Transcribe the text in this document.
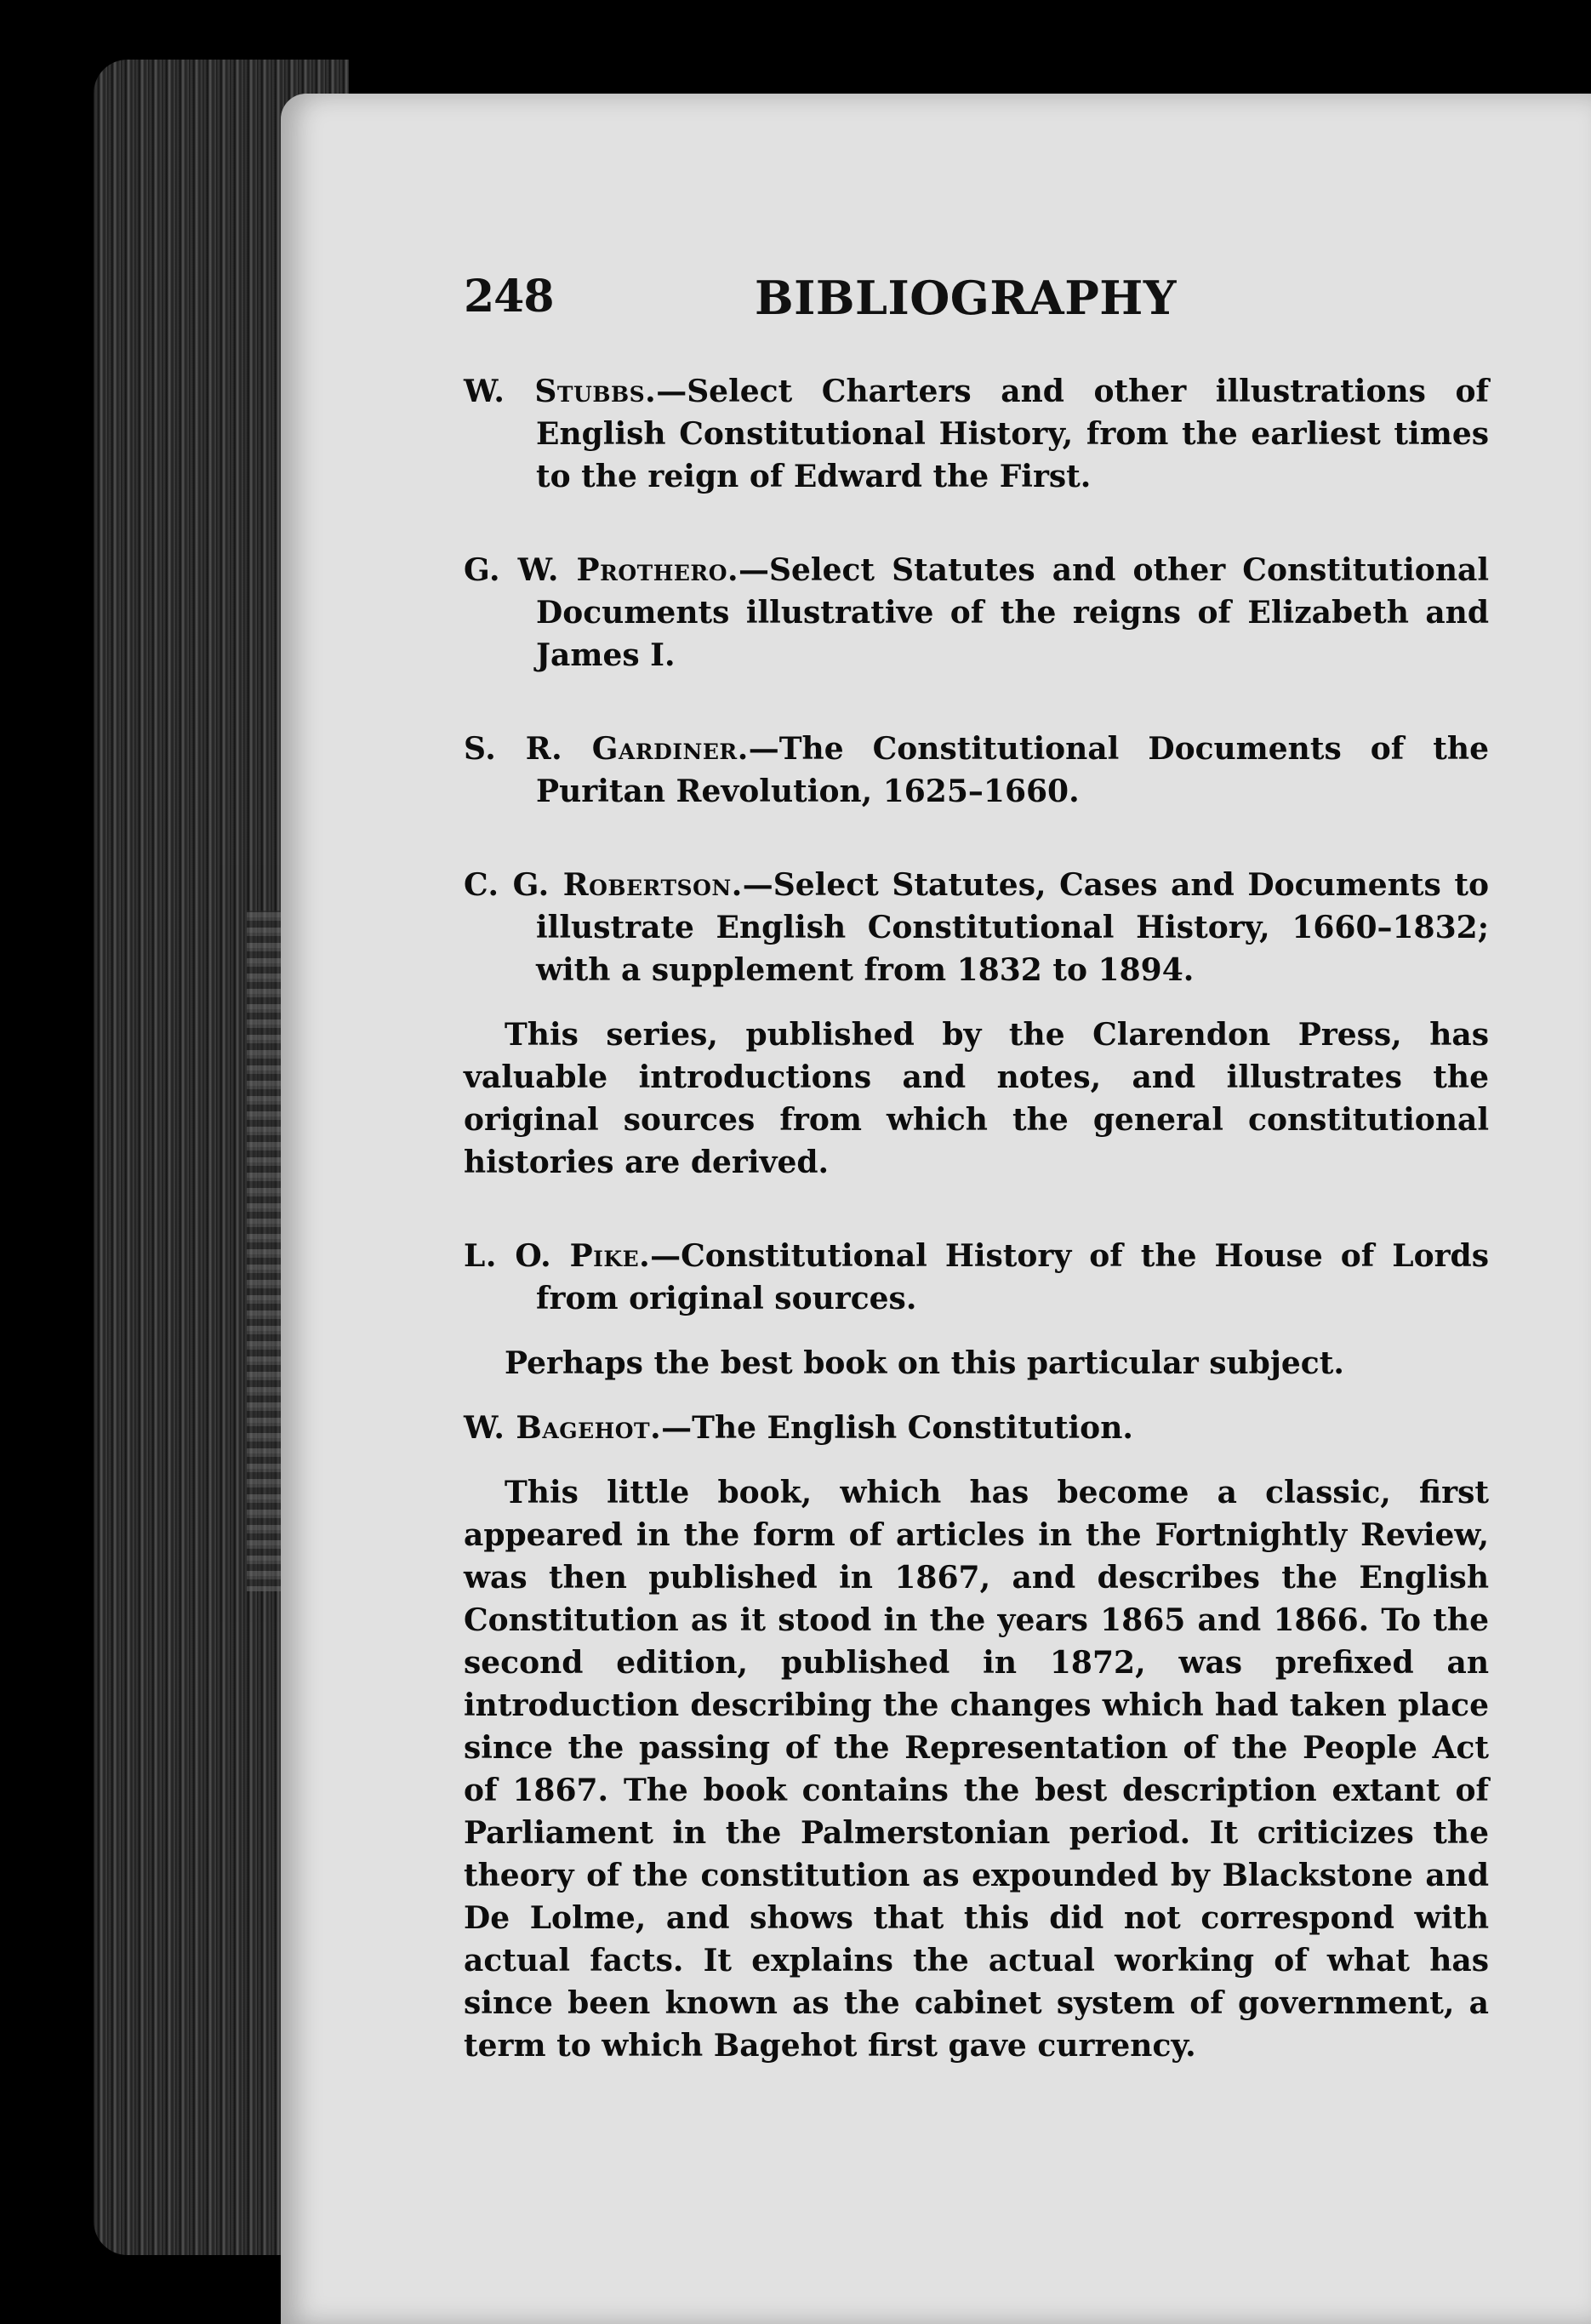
248	BIBLIOGRAPHY

W. Stubbs.—Select Charters and other illustrations of English Constitutional History, from the earliest times to the reign of Edward the First.

G. W. Prothero.—Select Statutes and other Constitutional Documents illustrative of the reigns of Elizabeth and James I.

S. R. Gardiner.—The Constitutional Documents of the Puritan Revolution, 1625–1660.

C. G. Robertson.—Select Statutes, Cases and Documents to illustrate English Constitutional History, 1660–1832; with a supplement from 1832 to 1894.

This series, published by the Clarendon Press, has valuable introductions and notes, and illustrates the original sources from which the general constitutional histories are derived.

L. O. Pike.—Constitutional History of the House of Lords from original sources.

Perhaps the best book on this particular subject.

W. Bagehot.—The English Constitution.

This little book, which has become a classic, first appeared in the form of articles in the Fortnightly Review, was then published in 1867, and describes the English Constitution as it stood in the years 1865 and 1866. To the second edition, published in 1872, was prefixed an introduction describing the changes which had taken place since the passing of the Representation of the People Act of 1867. The book contains the best description extant of Parliament in the Palmerstonian period. It criticizes the theory of the constitution as expounded by Blackstone and De Lolme, and shows that this did not correspond with actual facts. It explains the actual working of what has since been known as the cabinet system of government, a term to which Bagehot first gave currency.
